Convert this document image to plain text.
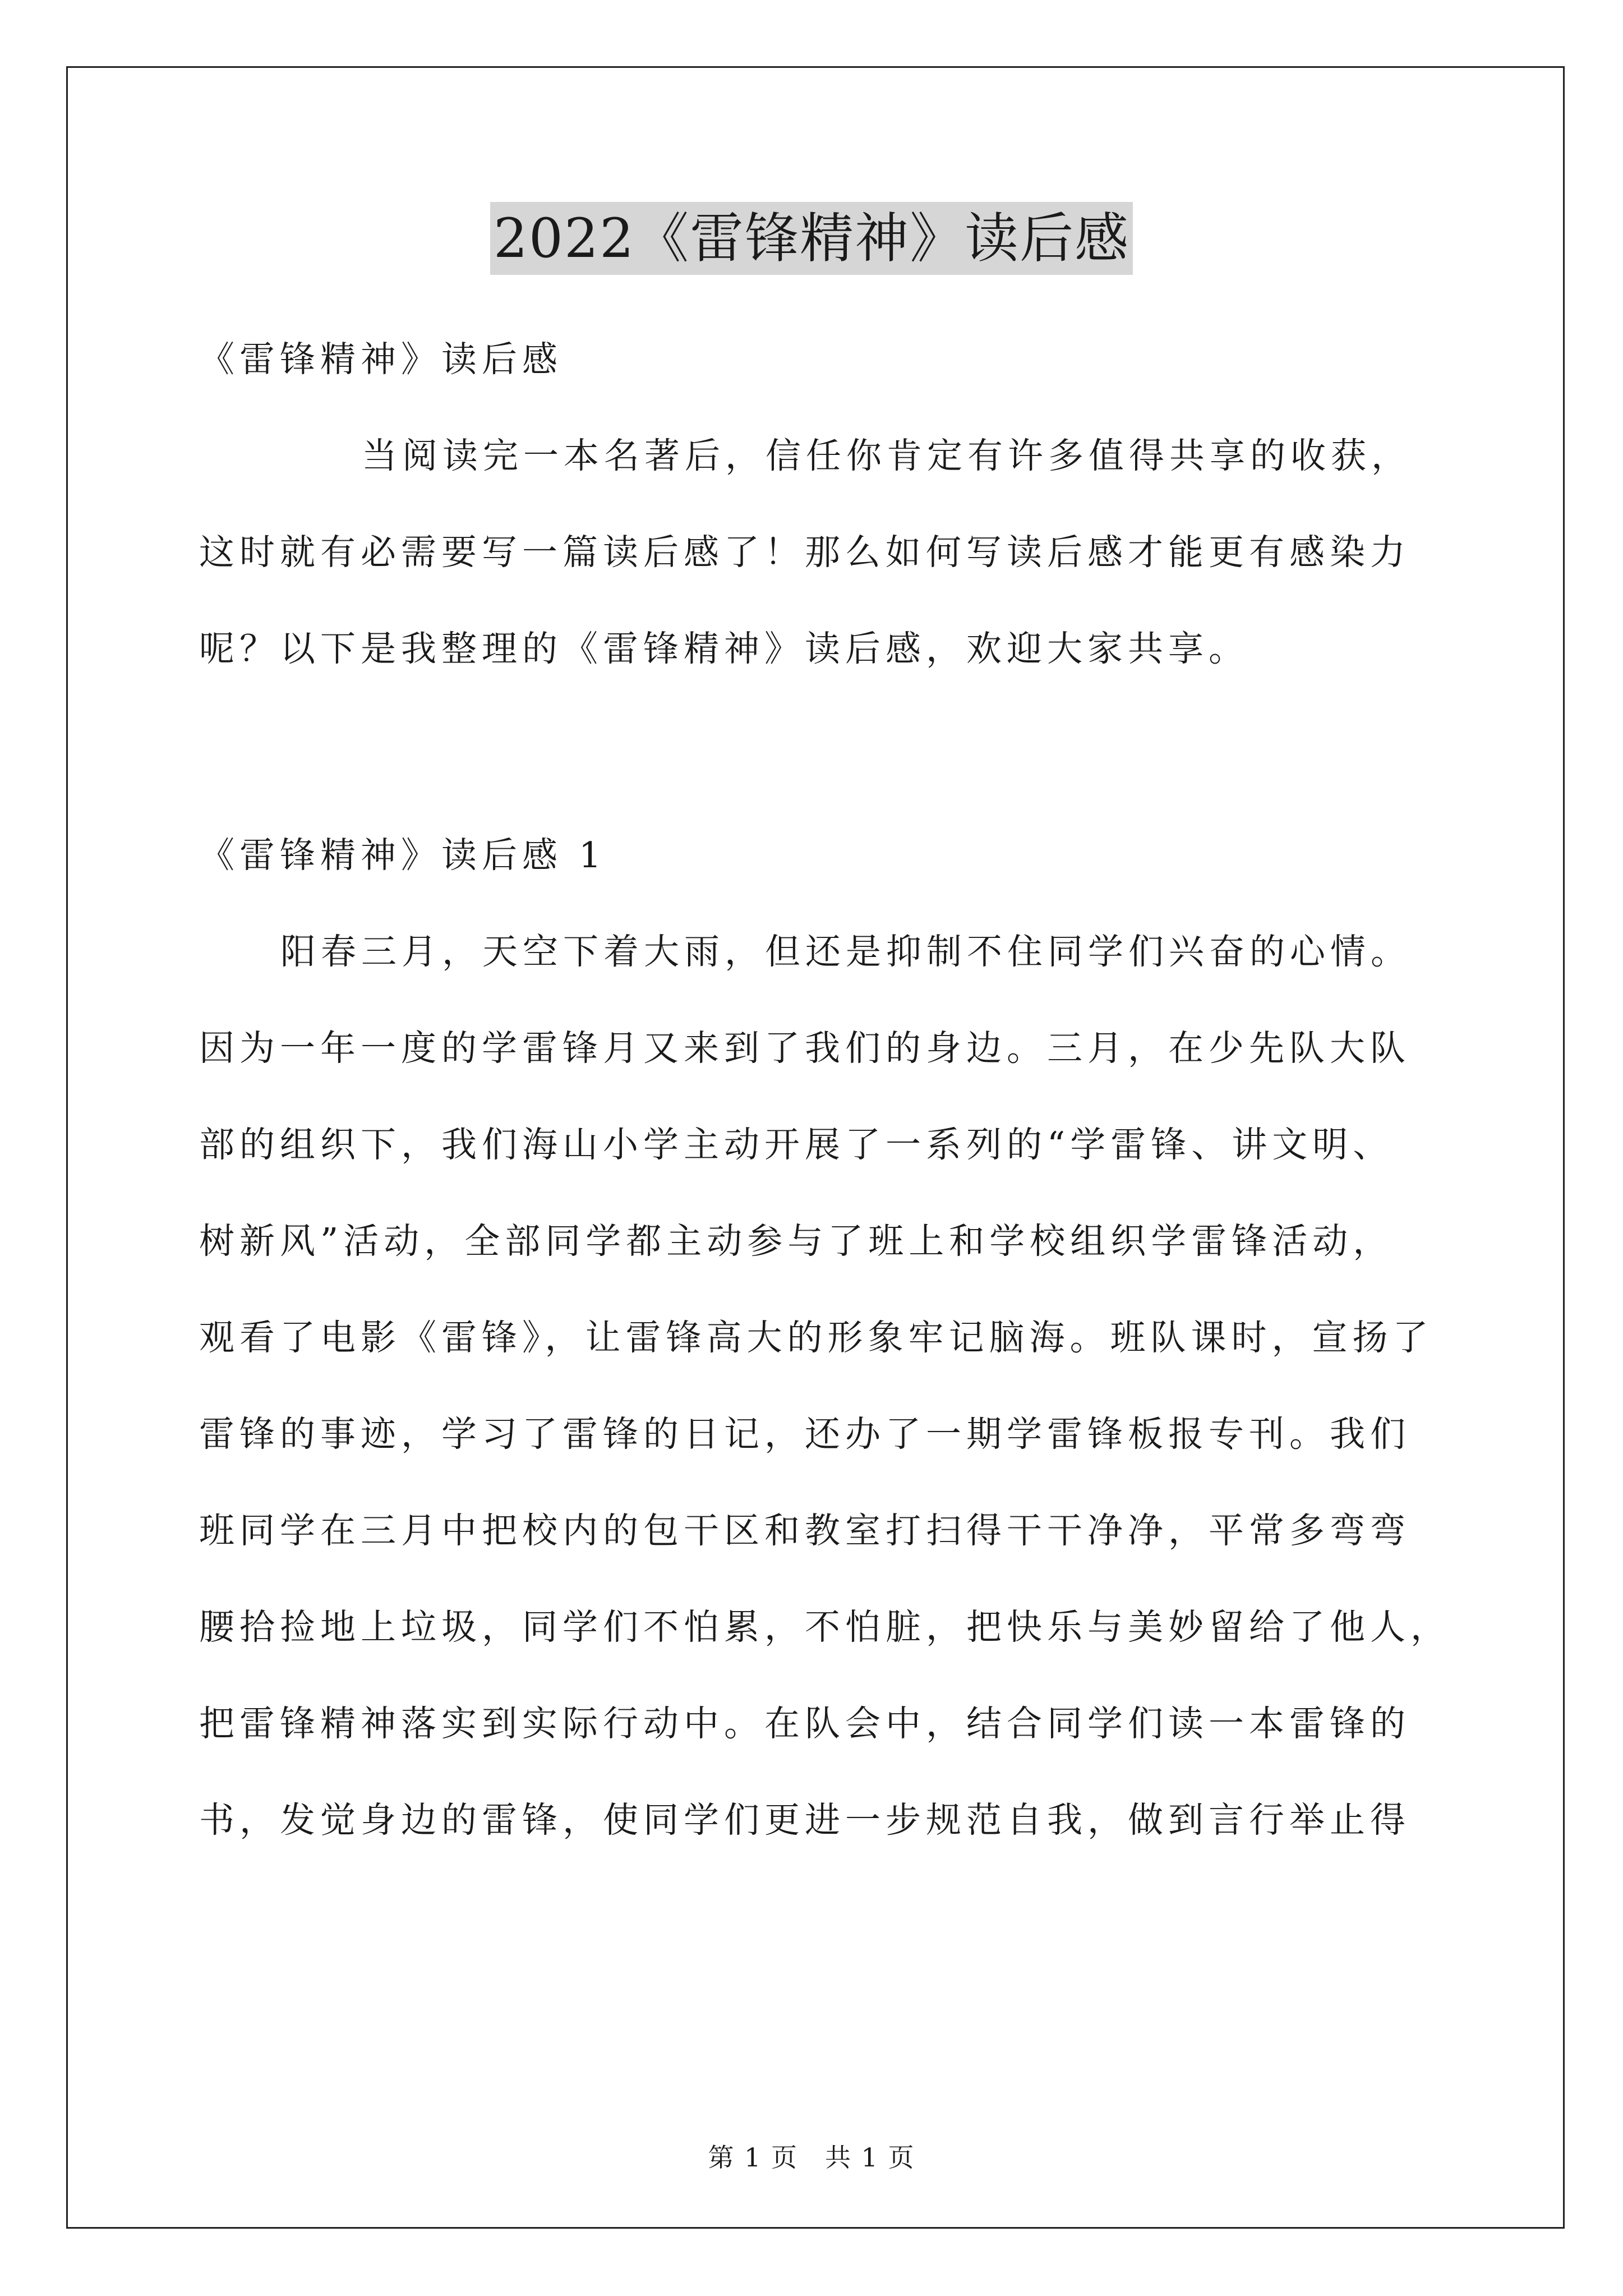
2022《雷锋精神》读后感
《雷锋精神》读后感
当阅读完一本名著后，信任你肯定有许多值得共享的收获，
这时就有必需要写一篇读后感了！那么如何写读后感才能更有感染力
呢？以下是我整理的《雷锋精神》读后感，欢迎大家共享。
《雷锋精神》读后感 1
阳春三月，天空下着大雨，但还是抑制不住同学们兴奋的心情。
因为一年一度的学雷锋月又来到了我们的身边。三月，在少先队大队
部的组织下，我们海山小学主动开展了一系列的“学雷锋、讲文明、
树新风”活动，全部同学都主动参与了班上和学校组织学雷锋活动，
观看了电影《雷锋》，让雷锋高大的形象牢记脑海。班队课时，宣扬了
雷锋的事迹，学习了雷锋的日记，还办了一期学雷锋板报专刊。我们
班同学在三月中把校内的包干区和教室打扫得干干净净，平常多弯弯
腰拾捡地上垃圾，同学们不怕累，不怕脏，把快乐与美妙留给了他人，
把雷锋精神落实到实际行动中。在队会中，结合同学们读一本雷锋的
书，发觉身边的雷锋，使同学们更进一步规范自我，做到言行举止得
第 1 页　共 1 页
